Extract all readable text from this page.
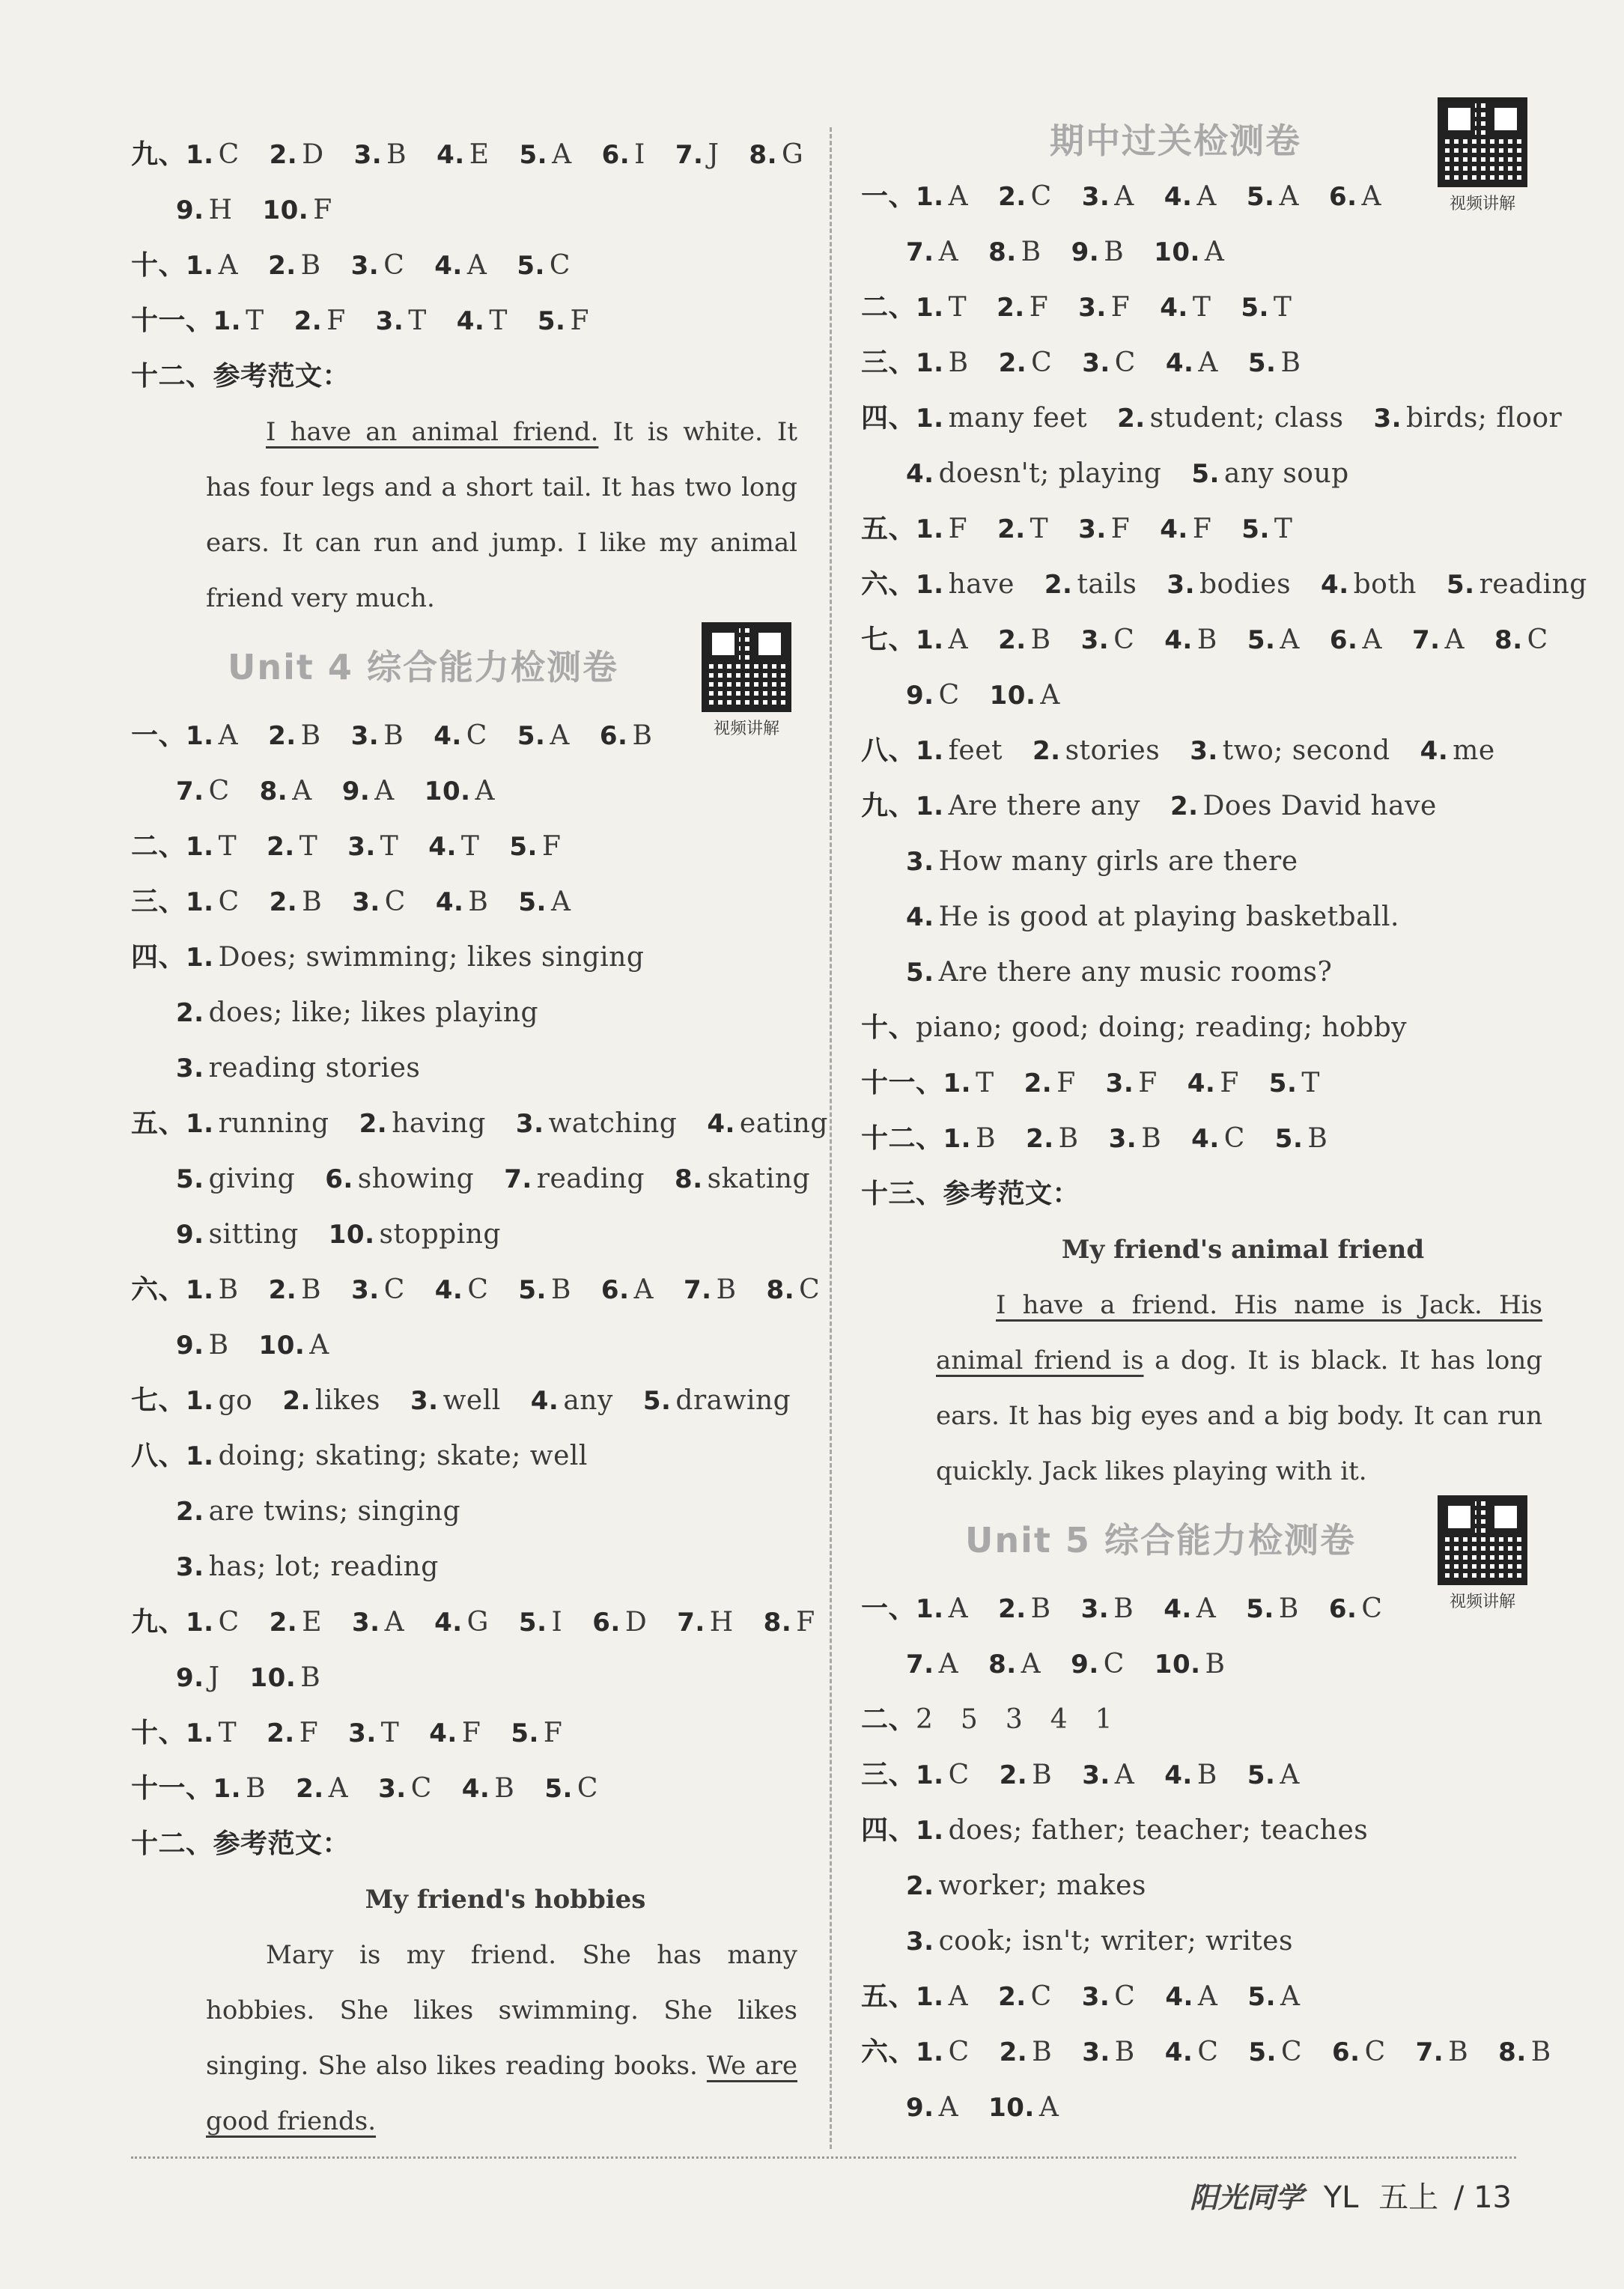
九、1. C 2. D 3. B 4. E 5. A 6. I 7. J 8. G
9. H 10. F
十、1. A 2. B 3. C 4. A 5. C
十一、1. T 2. F 3. T 4. T 5. F
十二、参考范文：
I have an animal friend. It is white. It has four legs and a short tail. It has two long ears. It can run and jump. I like my animal friend very much.
Unit 4 综合能力检测卷
视频讲解
一、1. A 2. B 3. B 4. C 5. A 6. B
7. C 8. A 9. A 10. A
二、1. T 2. T 3. T 4. T 5. F
三、1. C 2. B 3. C 4. B 5. A
四、1. Does; swimming; likes singing
2. does; like; likes playing
3. reading stories
五、1. running 2. having 3. watching 4. eating
5. giving 6. showing 7. reading 8. skating
9. sitting 10. stopping
六、1. B 2. B 3. C 4. C 5. B 6. A 7. B 8. C
9. B 10. A
七、1. go 2. likes 3. well 4. any 5. drawing
八、1. doing; skating; skate; well
2. are twins; singing
3. has; lot; reading
九、1. C 2. E 3. A 4. G 5. I 6. D 7. H 8. F
9. J 10. B
十、1. T 2. F 3. T 4. F 5. F
十一、1. B 2. A 3. C 4. B 5. C
十二、参考范文：
My friend's hobbies
Mary is my friend. She has many hobbies. She likes swimming. She likes singing. She also likes reading books. We are good friends.
期中过关检测卷
视频讲解
一、1. A 2. C 3. A 4. A 5. A 6. A
7. A 8. B 9. B 10. A
二、1. T 2. F 3. F 4. T 5. T
三、1. B 2. C 3. C 4. A 5. B
四、1. many feet 2. student; class 3. birds; floor
4. doesn't; playing 5. any soup
五、1. F 2. T 3. F 4. F 5. T
六、1. have 2. tails 3. bodies 4. both 5. reading
七、1. A 2. B 3. C 4. B 5. A 6. A 7. A 8. C
9. C 10. A
八、1. feet 2. stories 3. two; second 4. me
九、1. Are there any 2. Does David have
3. How many girls are there
4. He is good at playing basketball.
5. Are there any music rooms?
十、piano; good; doing; reading; hobby
十一、1. T 2. F 3. F 4. F 5. T
十二、1. B 2. B 3. B 4. C 5. B
十三、参考范文：
My friend's animal friend
I have a friend. His name is Jack. His animal friend is a dog. It is black. It has long ears. It has big eyes and a big body. It can run quickly. Jack likes playing with it.
Unit 5 综合能力检测卷
视频讲解
一、1. A 2. B 3. B 4. A 5. B 6. C
7. A 8. A 9. C 10. B
二、2　5　3　4　1
三、1. C 2. B 3. A 4. B 5. A
四、1. does; father; teacher; teaches
2. worker; makes
3. cook; isn't; writer; writes
五、1. A 2. C 3. C 4. A 5. A
六、1. C 2. B 3. B 4. C 5. C 6. C 7. B 8. B
9. A 10. A
阳光同学 YL 五上 / 13
